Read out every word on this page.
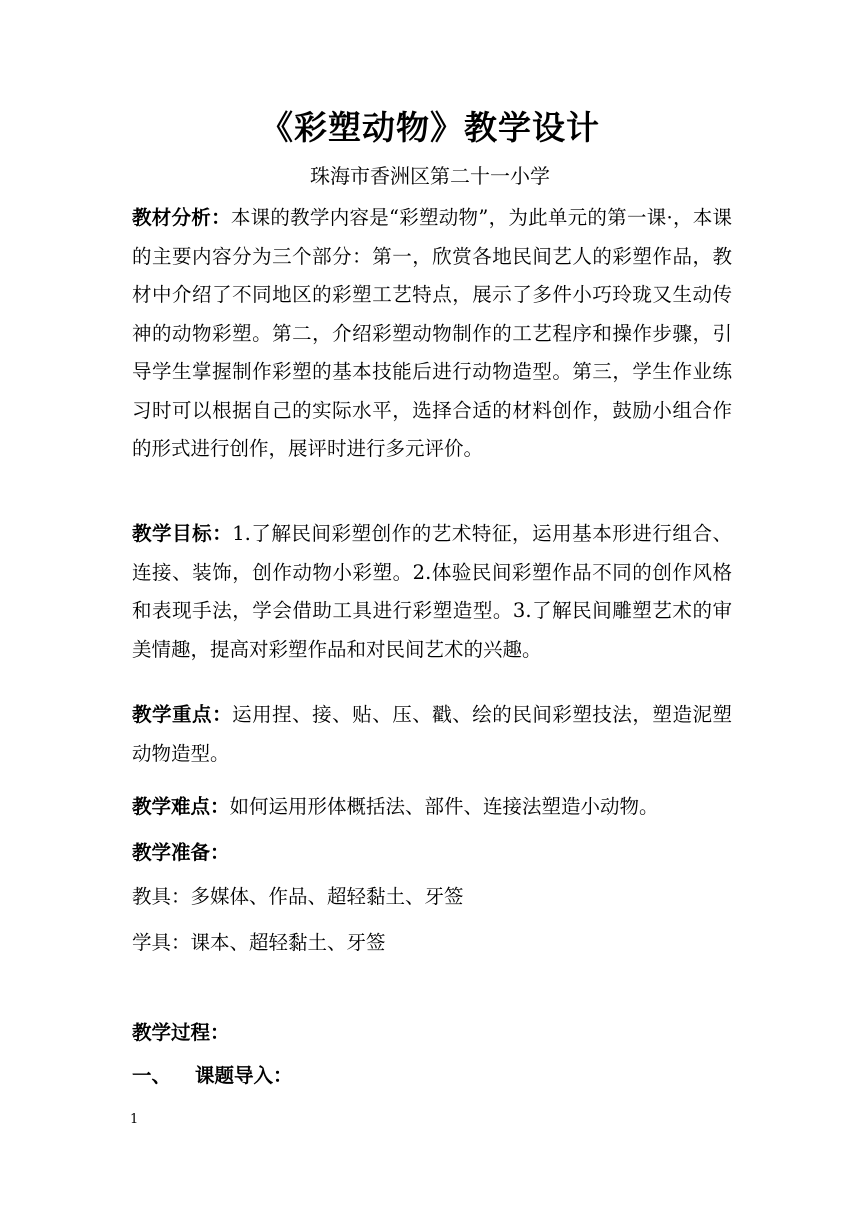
《彩塑动物》教学设计
珠海市香洲区第二十一小学
教材分析：本课的教学内容是“彩塑动物”，为此单元的第一课·，本课的主要内容分为三个部分：第一，欣赏各地民间艺人的彩塑作品，教材中介绍了不同地区的彩塑工艺特点，展示了多件小巧玲珑又生动传神的动物彩塑。第二，介绍彩塑动物制作的工艺程序和操作步骤，引导学生掌握制作彩塑的基本技能后进行动物造型。第三，学生作业练习时可以根据自己的实际水平，选择合适的材料创作，鼓励小组合作的形式进行创作，展评时进行多元评价。
教学目标：1.了解民间彩塑创作的艺术特征，运用基本形进行组合、连接、装饰，创作动物小彩塑。2.体验民间彩塑作品不同的创作风格和表现手法，学会借助工具进行彩塑造型。3.了解民间雕塑艺术的审美情趣，提高对彩塑作品和对民间艺术的兴趣。
教学重点：运用捏、接、贴、压、戳、绘的民间彩塑技法，塑造泥塑动物造型。
教学难点：如何运用形体概括法、部件、连接法塑造小动物。
教学准备：
教具：多媒体、作品、超轻黏土、牙签
学具：课本、超轻黏土、牙签
教学过程：
一、 课题导入：
1
